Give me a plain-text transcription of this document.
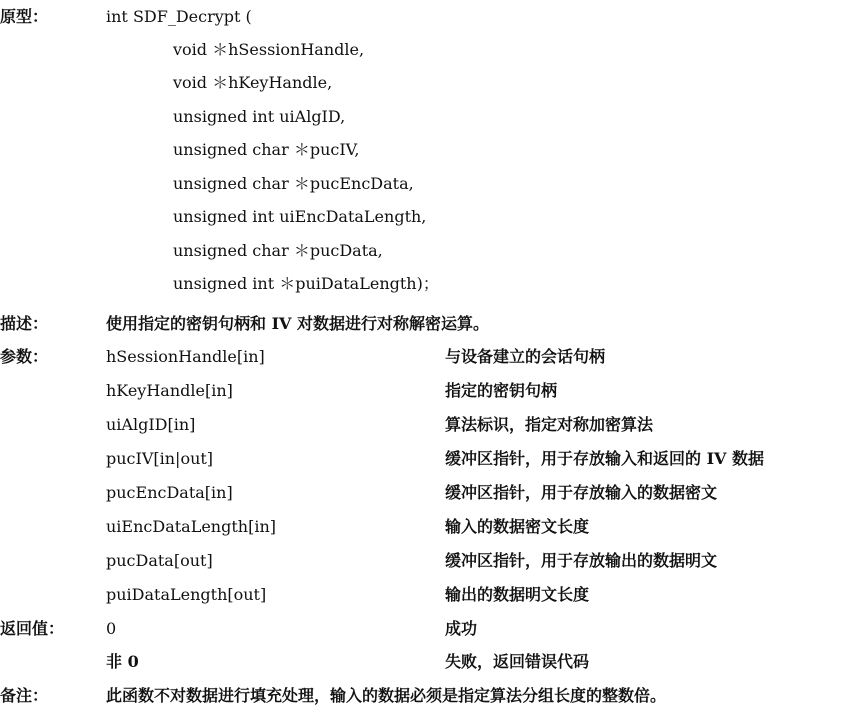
原型：	int SDF_Decrypt (
void ＊hSessionHandle,
void ＊hKeyHandle,
unsigned int uiAlgID,
unsigned char ＊pucIV,
unsigned char ＊pucEncData,
unsigned int uiEncDataLength,
unsigned char ＊pucData,
unsigned int ＊puiDataLength)；
描述：	使用指定的密钥句柄和 IV 对数据进行对称解密运算。
参数：	hSessionHandle[in]	与设备建立的会话句柄
hKeyHandle[in]	指定的密钥句柄
uiAlgID[in]	算法标识，指定对称加密算法
pucIV[in|out]	缓冲区指针，用于存放输入和返回的 IV 数据
pucEncData[in]	缓冲区指针，用于存放输入的数据密文
uiEncDataLength[in]	输入的数据密文长度
pucData[out]	缓冲区指针，用于存放输出的数据明文
puiDataLength[out]	输出的数据明文长度
返回值：	0	成功
非 0	失败，返回错误代码
备注：	此函数不对数据进行填充处理，输入的数据必须是指定算法分组长度的整数倍。
